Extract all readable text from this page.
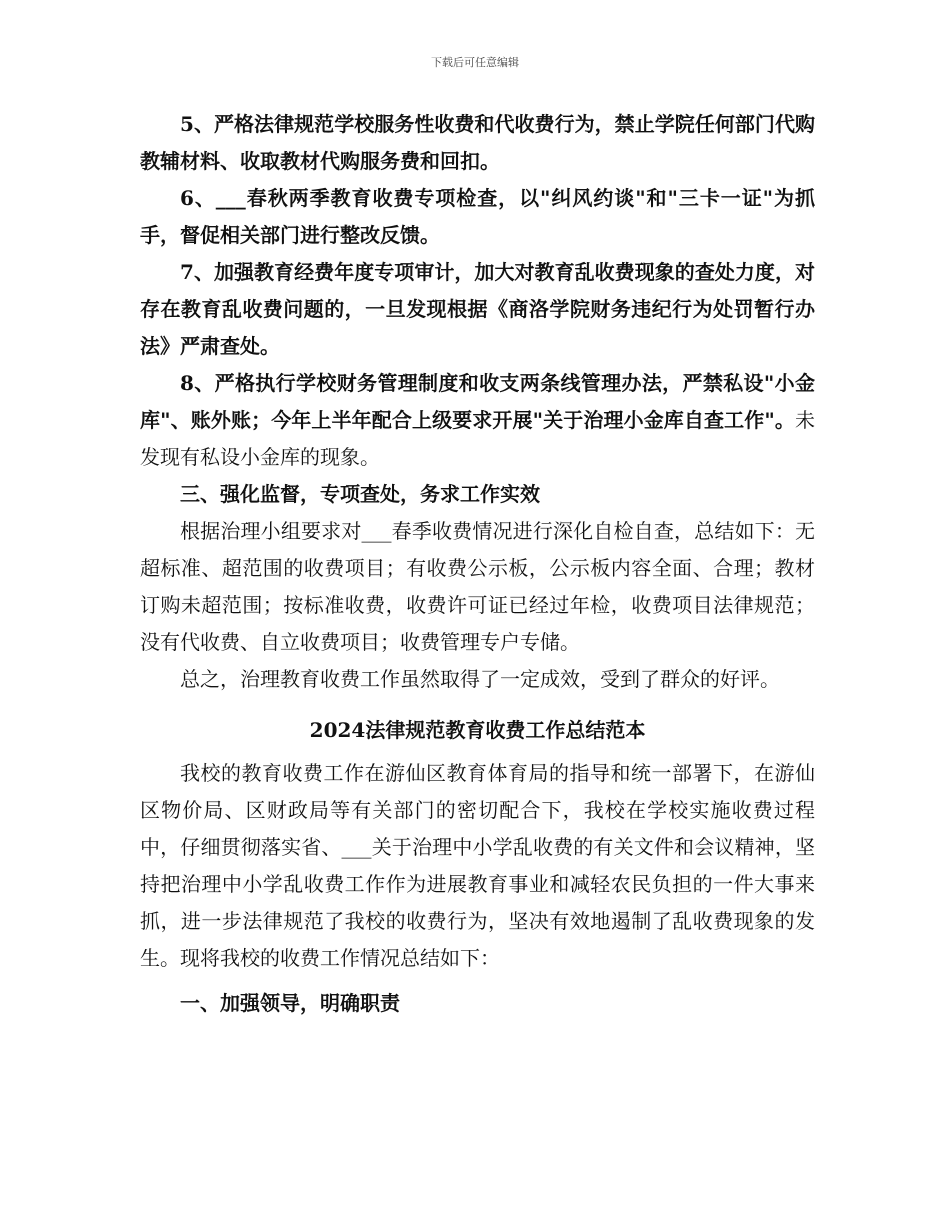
下载后可任意编辑

5、严格法律规范学校服务性收费和代收费行为，禁止学院任何部门代购教辅材料、收取教材代购服务费和回扣。

6、___春秋两季教育收费专项检查，以"纠风约谈"和"三卡一证"为抓手，督促相关部门进行整改反馈。

7、加强教育经费年度专项审计，加大对教育乱收费现象的查处力度，对存在教育乱收费问题的，一旦发现根据《商洛学院财务违纪行为处罚暂行办法》严肃查处。

8、严格执行学校财务管理制度和收支两条线管理办法，严禁私设"小金库"、账外账；今年上半年配合上级要求开展"关于治理小金库自查工作"。未发现有私设小金库的现象。

三、强化监督，专项查处，务求工作实效

根据治理小组要求对___春季收费情况进行深化自检自查，总结如下：无超标准、超范围的收费项目；有收费公示板，公示板内容全面、合理；教材订购未超范围；按标准收费，收费许可证已经过年检，收费项目法律规范；没有代收费、自立收费项目；收费管理专户专储。

总之，治理教育收费工作虽然取得了一定成效，受到了群众的好评。

2024法律规范教育收费工作总结范本

我校的教育收费工作在游仙区教育体育局的指导和统一部署下，在游仙区物价局、区财政局等有关部门的密切配合下，我校在学校实施收费过程中，仔细贯彻落实省、___关于治理中小学乱收费的有关文件和会议精神，坚持把治理中小学乱收费工作作为进展教育事业和减轻农民负担的一件大事来抓，进一步法律规范了我校的收费行为，坚决有效地遏制了乱收费现象的发生。现将我校的收费工作情况总结如下：

一、加强领导，明确职责
